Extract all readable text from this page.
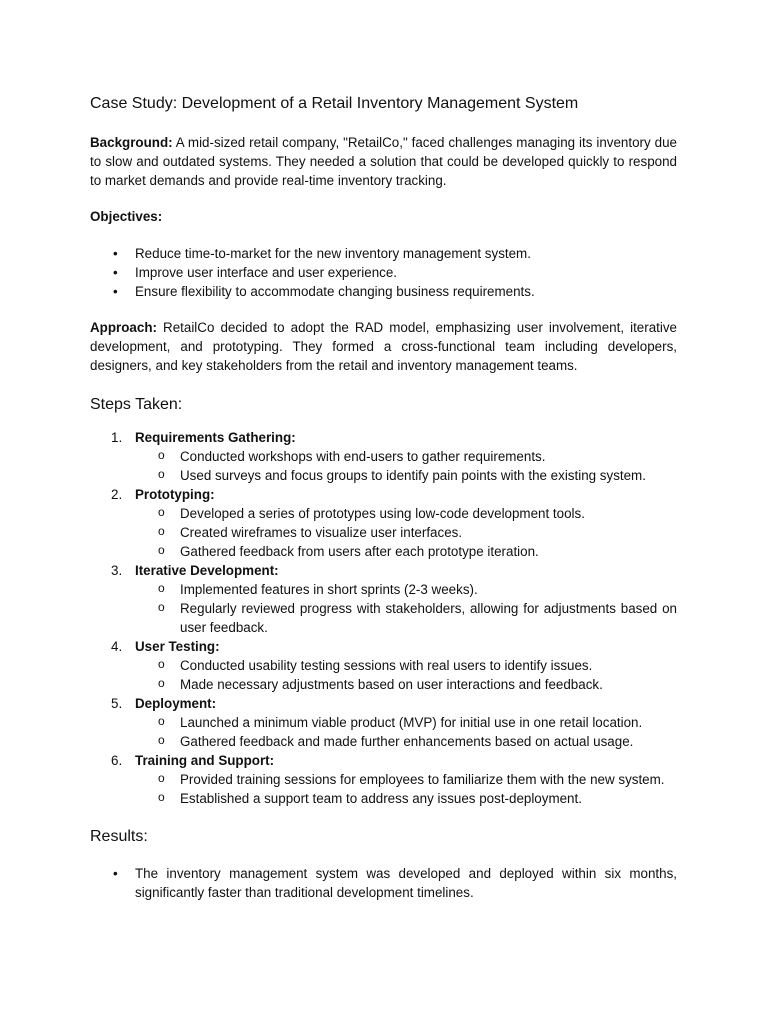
Case Study: Development of a Retail Inventory Management System

Background: A mid-sized retail company, "RetailCo," faced challenges managing its inventory due to slow and outdated systems. They needed a solution that could be developed quickly to respond to market demands and provide real-time inventory tracking.

Objectives:

• Reduce time-to-market for the new inventory management system.
• Improve user interface and user experience.
• Ensure flexibility to accommodate changing business requirements.

Approach: RetailCo decided to adopt the RAD model, emphasizing user involvement, iterative development, and prototyping. They formed a cross-functional team including developers, designers, and key stakeholders from the retail and inventory management teams.

Steps Taken:
1. Requirements Gathering:
o Conducted workshops with end-users to gather requirements.
o Used surveys and focus groups to identify pain points with the existing system.
2. Prototyping:
o Developed a series of prototypes using low-code development tools.
o Created wireframes to visualize user interfaces.
o Gathered feedback from users after each prototype iteration.
3. Iterative Development:
o Implemented features in short sprints (2-3 weeks).
o Regularly reviewed progress with stakeholders, allowing for adjustments based on user feedback.
4. User Testing:
o Conducted usability testing sessions with real users to identify issues.
o Made necessary adjustments based on user interactions and feedback.
5. Deployment:
o Launched a minimum viable product (MVP) for initial use in one retail location.
o Gathered feedback and made further enhancements based on actual usage.
6. Training and Support:
o Provided training sessions for employees to familiarize them with the new system.
o Established a support team to address any issues post-deployment.
Results:
• The inventory management system was developed and deployed within six months, significantly faster than traditional development timelines.
